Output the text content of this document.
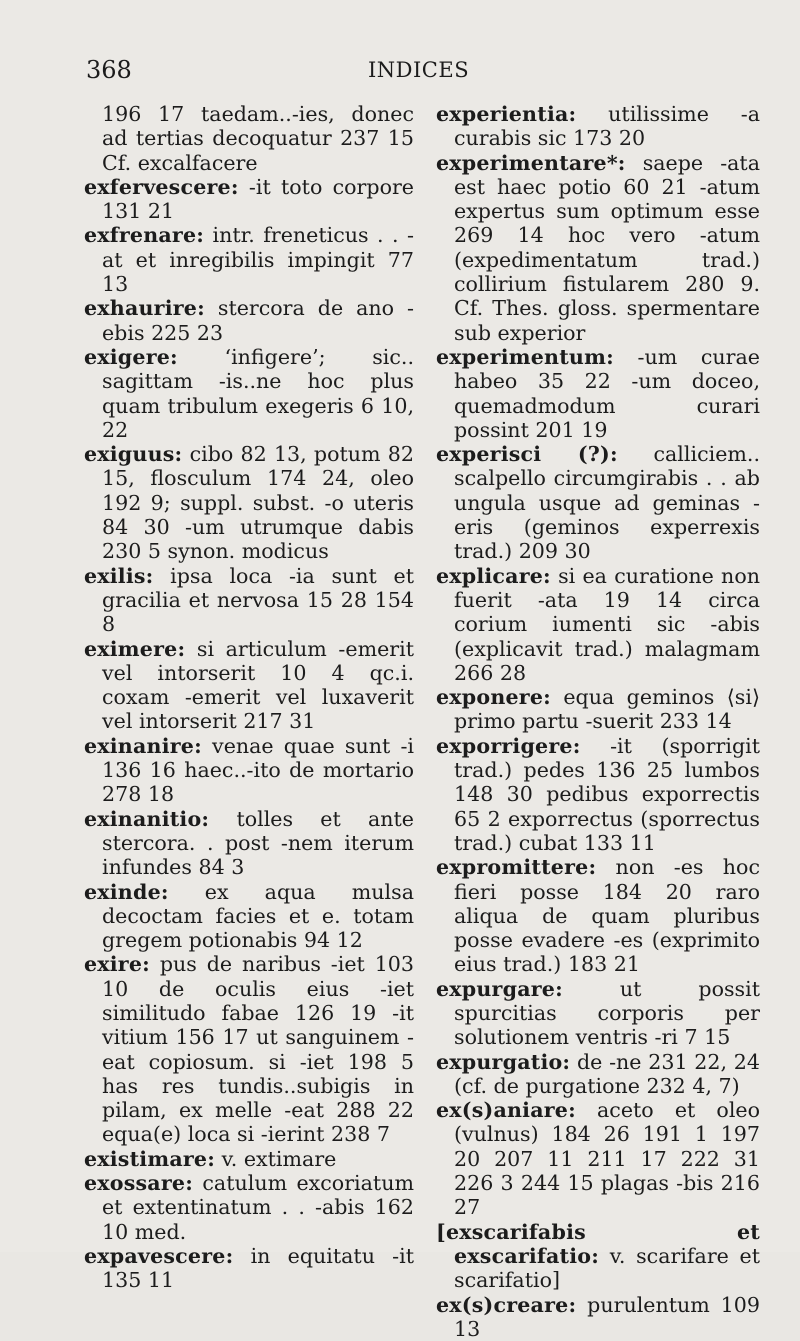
368	INDICES
196 17 taedam..-ies, donec ad tertias decoquatur 237 15 Cf. excalfacere
exfervescere: -it toto corpore 131 21
exfrenare: intr. freneticus . . -at et inregibilis impingit 77 13
exhaurire: stercora de ano -ebis 225 23
exigere: ‘infigere’; sic.. sagittam -is..ne hoc plus quam tribulum exegeris 6 10, 22
exiguus: cibo 82 13, potum 82 15, flosculum 174 24, oleo 192 9; suppl. subst. -o uteris 84 30 -um utrumque dabis 230 5 synon. modicus
exilis: ipsa loca -ia sunt et gracilia et nervosa 15 28 154 8
eximere: si articulum -emerit vel intorserit 10 4 qc.i. coxam -emerit vel luxaverit vel intorserit 217 31
exinanire: venae quae sunt -i 136 16 haec..-ito de mortario 278 18
exinanitio: tolles et ante stercora. . post -nem iterum infundes 84 3
exinde: ex aqua mulsa decoctam facies et e. totam gregem potionabis 94 12
exire: pus de naribus -iet 103 10 de oculis eius -iet similitudo fabae 126 19 -it vitium 156 17 ut sanguinem -eat copiosum. si -iet 198 5 has res tundis..subigis in pilam, ex melle -eat 288 22 equa(e) loca si -ierint 238 7
existimare: v. extimare
exossare: catulum excoriatum et extentinatum . . -abis 162 10 med.
expavescere: in equitatu -it 135 11
experientia: utilissime -a curabis sic 173 20
experimentare*: saepe -ata est haec potio 60 21 -atum expertus sum optimum esse 269 14 hoc vero -atum (expedimentatum trad.) collirium fistularem 280 9. Cf. Thes. gloss. spermentare sub experior
experimentum: -um curae habeo 35 22 -um doceo, quemadmodum curari possint 201 19
experisci (?): calliciem.. scalpello circumgirabis . . ab ungula usque ad geminas -eris (geminos experrexis trad.) 209 30
explicare: si ea curatione non fuerit -ata 19 14 circa corium iumenti sic -abis (explicavit trad.) malagmam 266 28
exponere: equa geminos ⟨si⟩ primo partu -suerit 233 14
exporrigere: -it (sporrigit trad.) pedes 136 25 lumbos 148 30 pedibus exporrectis 65 2 exporrectus (sporrectus trad.) cubat 133 11
expromittere: non -es hoc fieri posse 184 20 raro aliqua de quam pluribus posse evadere -es (exprimito eius trad.) 183 21
expurgare: ut possit spurcitias corporis per solutionem ventris -ri 7 15
expurgatio: de -ne 231 22, 24 (cf. de purgatione 232 4, 7)
ex(s)aniare: aceto et oleo (vulnus) 184 26 191 1 197 20 207 11 211 17 222 31 226 3 244 15 plagas -bis 216 27
[exscarifabis et exscarifatio: v. scarifare et scarifatio]
ex(s)creare: purulentum 109 13
